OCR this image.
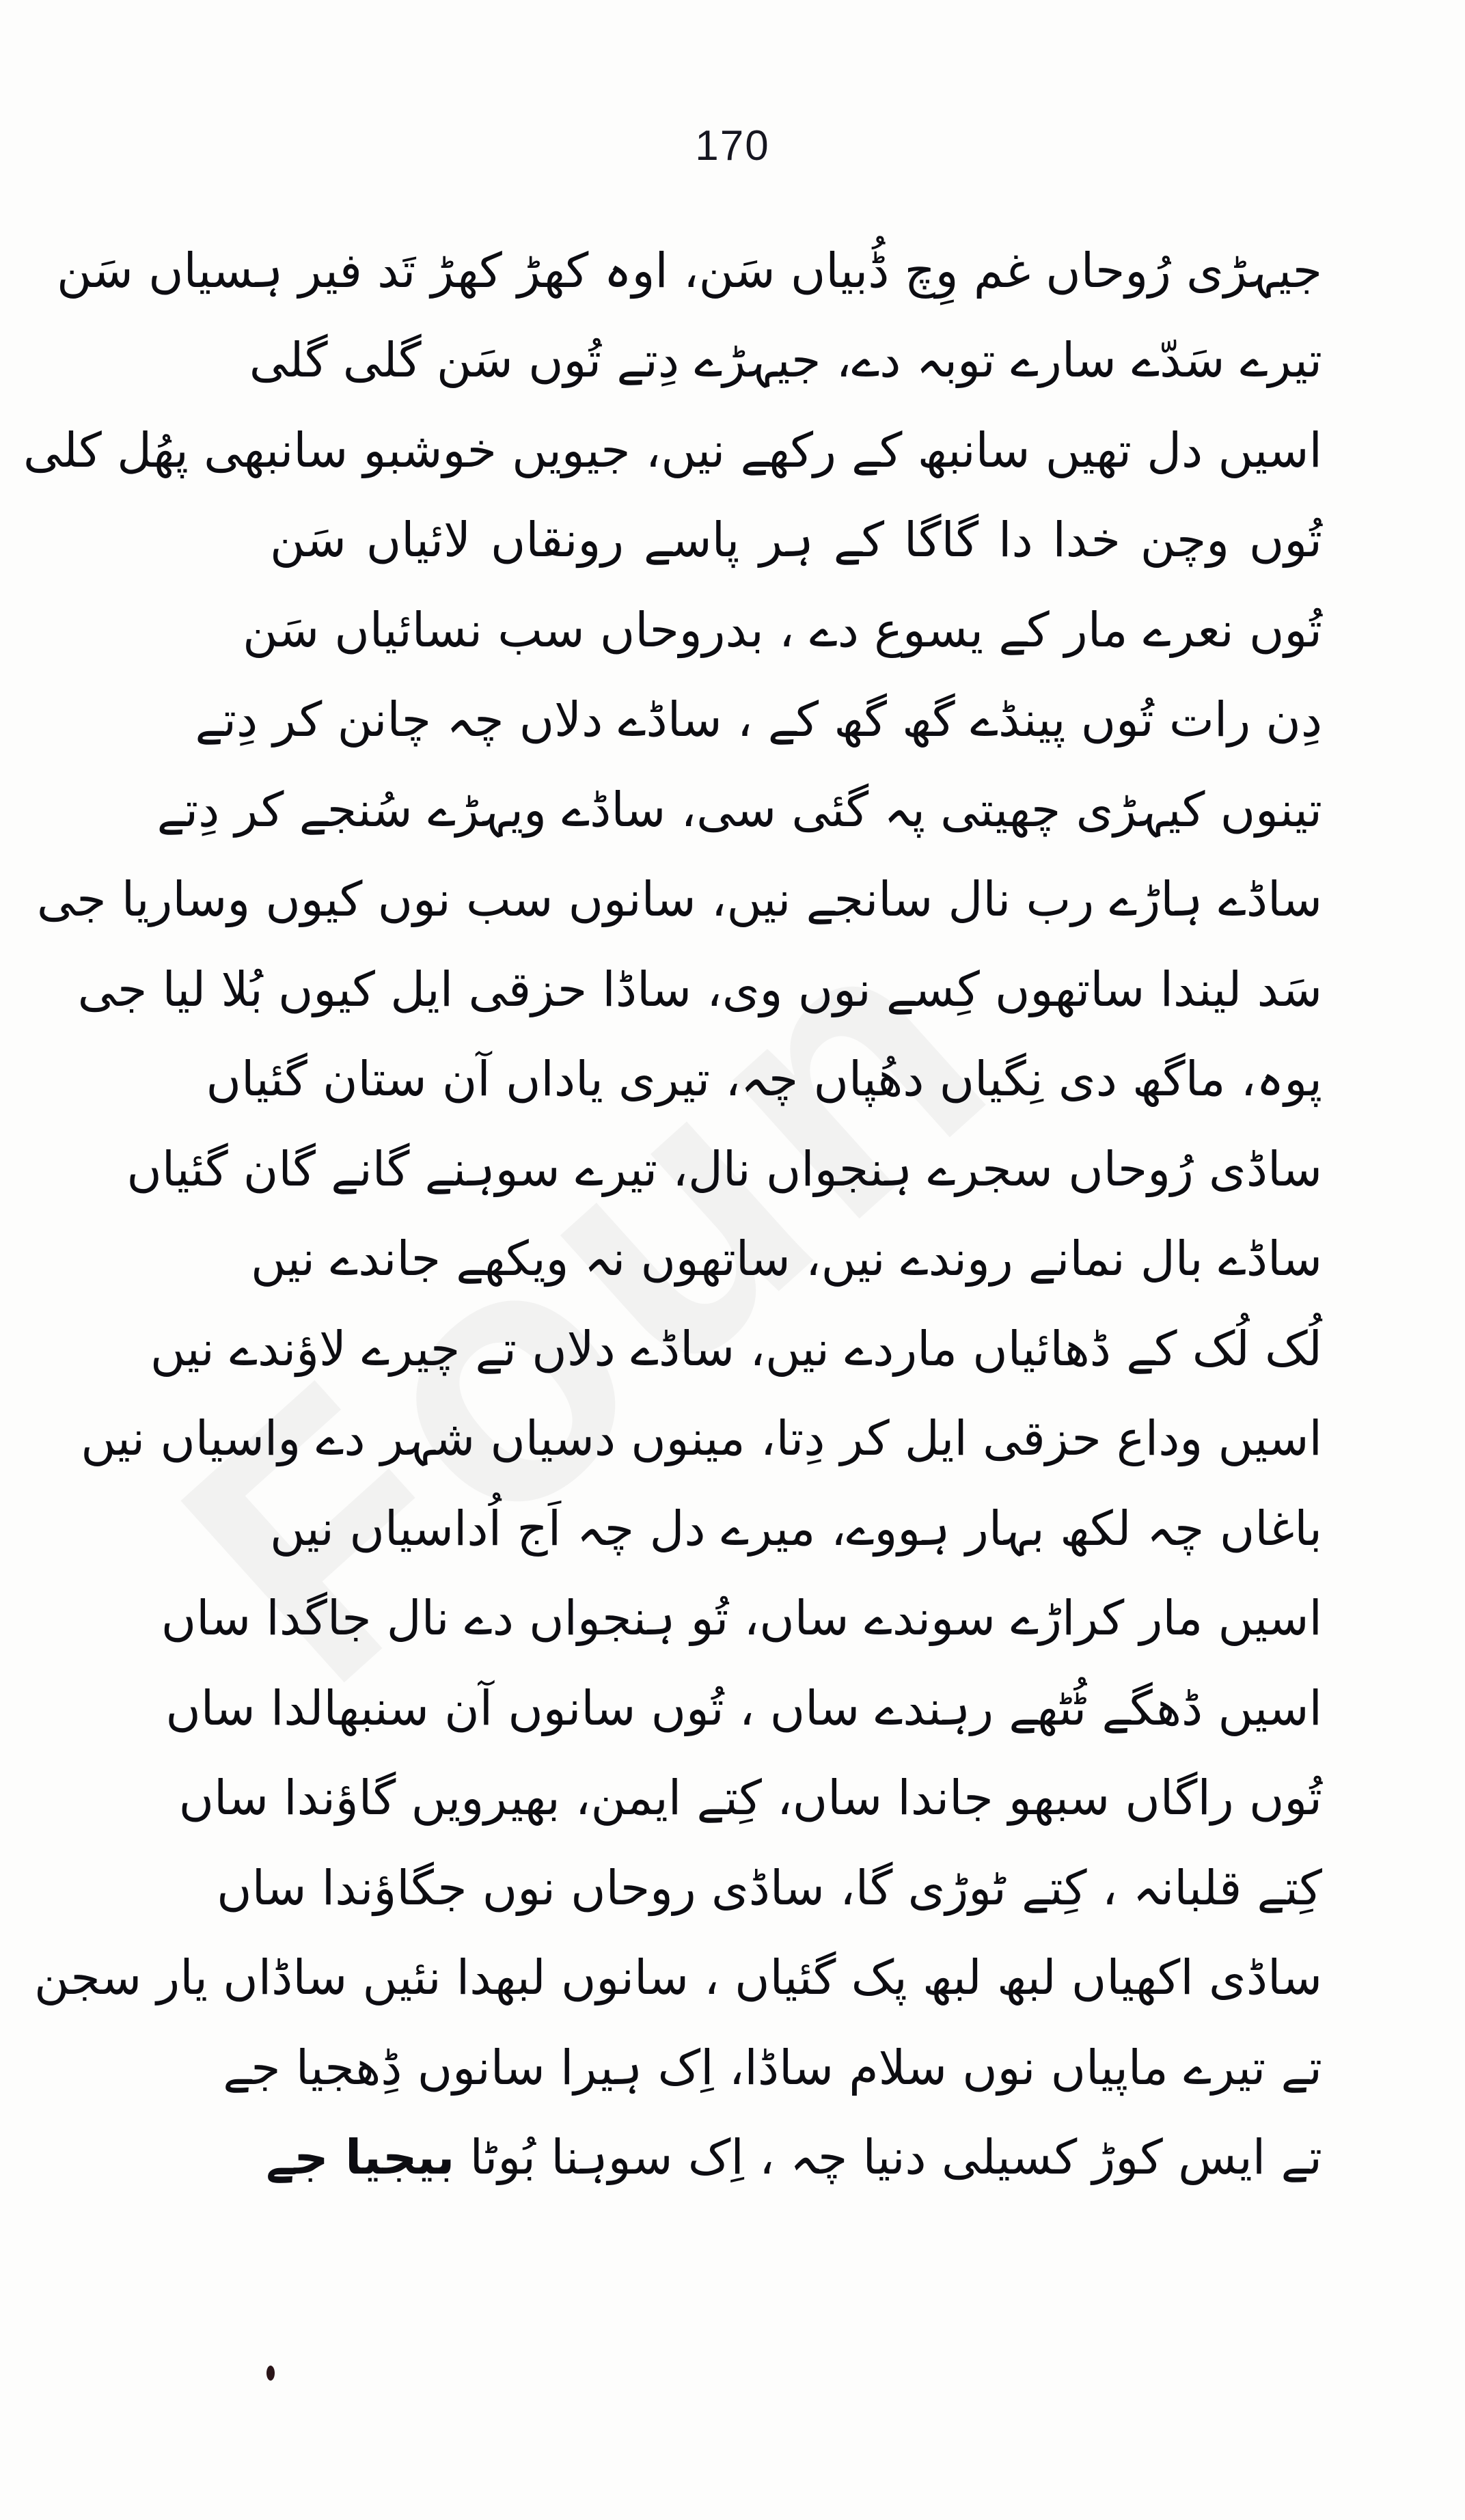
170
جیہڑی رُوحاں غم وِچ ڈُبیاں سَن، اوہ کھڑ کھڑ تَد فیر ہسیاں سَن
تیرے سَدّے سارے توبہ دے، جیہڑے دِتے تُوں سَن گلی گلی
اسیں دل تھیں سانبھ کے رکھے نیں، جیویں خوشبو سانبھی پھُل کلی
تُوں وچن خدا دا گاگا کے ہر پاسے رونقاں لائیاں سَن
تُوں نعرے مار کے یسوع دے ، بدروحاں سب نسائیاں سَن
دِن رات تُوں پینڈے گھ گھ کے ، ساڈے دلاں چہ چانن کر دِتے
تینوں کیہڑی چھیتی پہ گئی سی، ساڈے ویہڑے سُنجے کر دِتے
ساڈے ہاڑے رب نال سانجے نیں، سانوں سب نوں کیوں وساریا جی
سَد لیندا ساتھوں کِسے نوں وی، ساڈا حزقی ایل کیوں بُلا لیا جی
پوہ، ماگھ دی نِگیاں دھُپاں چہ، تیری یاداں آن ستان گئیاں
ساڈی رُوحاں سجرے ہنجواں نال، تیرے سوہنے گانے گان گئیاں
ساڈے بال نمانے روندے نیں، ساتھوں نہ ویکھے جاندے نیں
لُک لُک کے ڈھائیاں ماردے نیں، ساڈے دلاں تے چیرے لاؤندے نیں
اسیں وداع حزقی ایل کر دِتا، مینوں دسیاں شہر دے واسیاں نیں
باغاں چہ لکھ بہار ہووے، میرے دل چہ اَج اُداسیاں نیں
اسیں مار کراڑے سوندے ساں، تُو ہنجواں دے نال جاگدا ساں
اسیں ڈھگے ٹُٹھے رہندے ساں ، تُوں سانوں آن سنبھالدا ساں
تُوں راگاں سبھو جاندا ساں، کِتے ایمن، بھیرویں گاؤندا ساں
کِتے قلبانہ ، کِتے ٹوڑی گا، ساڈی روحاں نوں جگاؤندا ساں
ساڈی اکھیاں لبھ لبھ پک گئیاں ، سانوں لبھدا نئیں ساڈاں یار سجن
تے تیرے ماپیاں نوں سلام ساڈا، اِک ہیرا سانوں ڈِھجیا جے
تے ایس کوڑ کسیلی دنیا چہ ، اِک سوہنا بُوٹا بیجیا جے
